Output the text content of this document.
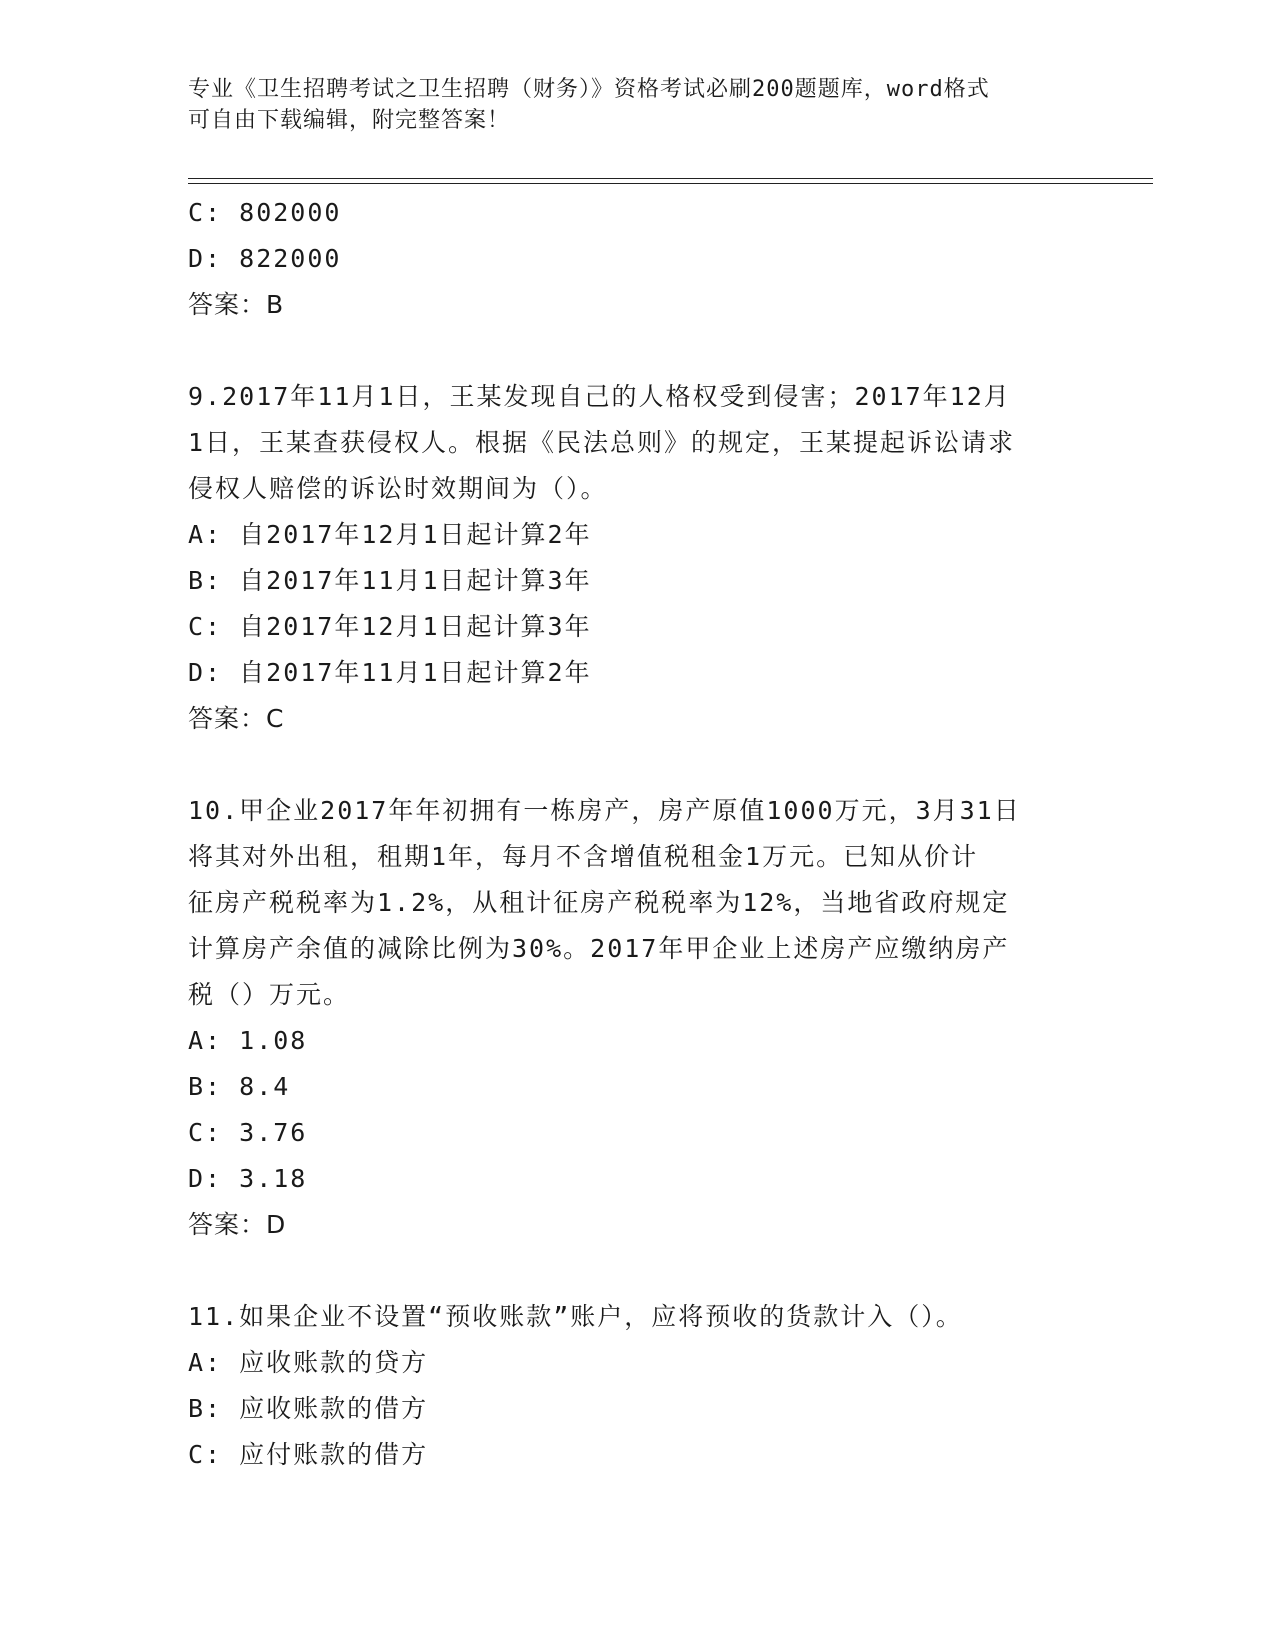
专业《卫生招聘考试之卫生招聘（财务）》资格考试必刷200题题库，word格式
可自由下载编辑，附完整答案！
C: 802000
D: 822000
答案：B
9.2017年11月1日，王某发现自己的人格权受到侵害；2017年12月
1日，王某查获侵权人。根据《民法总则》的规定，王某提起诉讼请求
侵权人赔偿的诉讼时效期间为（）。
A: 自2017年12月1日起计算2年
B: 自2017年11月1日起计算3年
C: 自2017年12月1日起计算3年
D: 自2017年11月1日起计算2年
答案：C
10.甲企业2017年年初拥有一栋房产，房产原值1000万元，3月31日
将其对外出租，租期1年，每月不含增值税租金1万元。已知从价计
征房产税税率为1.2%，从租计征房产税税率为12%，当地省政府规定
计算房产余值的减除比例为30%。2017年甲企业上述房产应缴纳房产
税（）万元。
A: 1.08
B: 8.4
C: 3.76
D: 3.18
答案：D
11.如果企业不设置“预收账款”账户，应将预收的货款计入（）。
A: 应收账款的贷方
B: 应收账款的借方
C: 应付账款的借方
